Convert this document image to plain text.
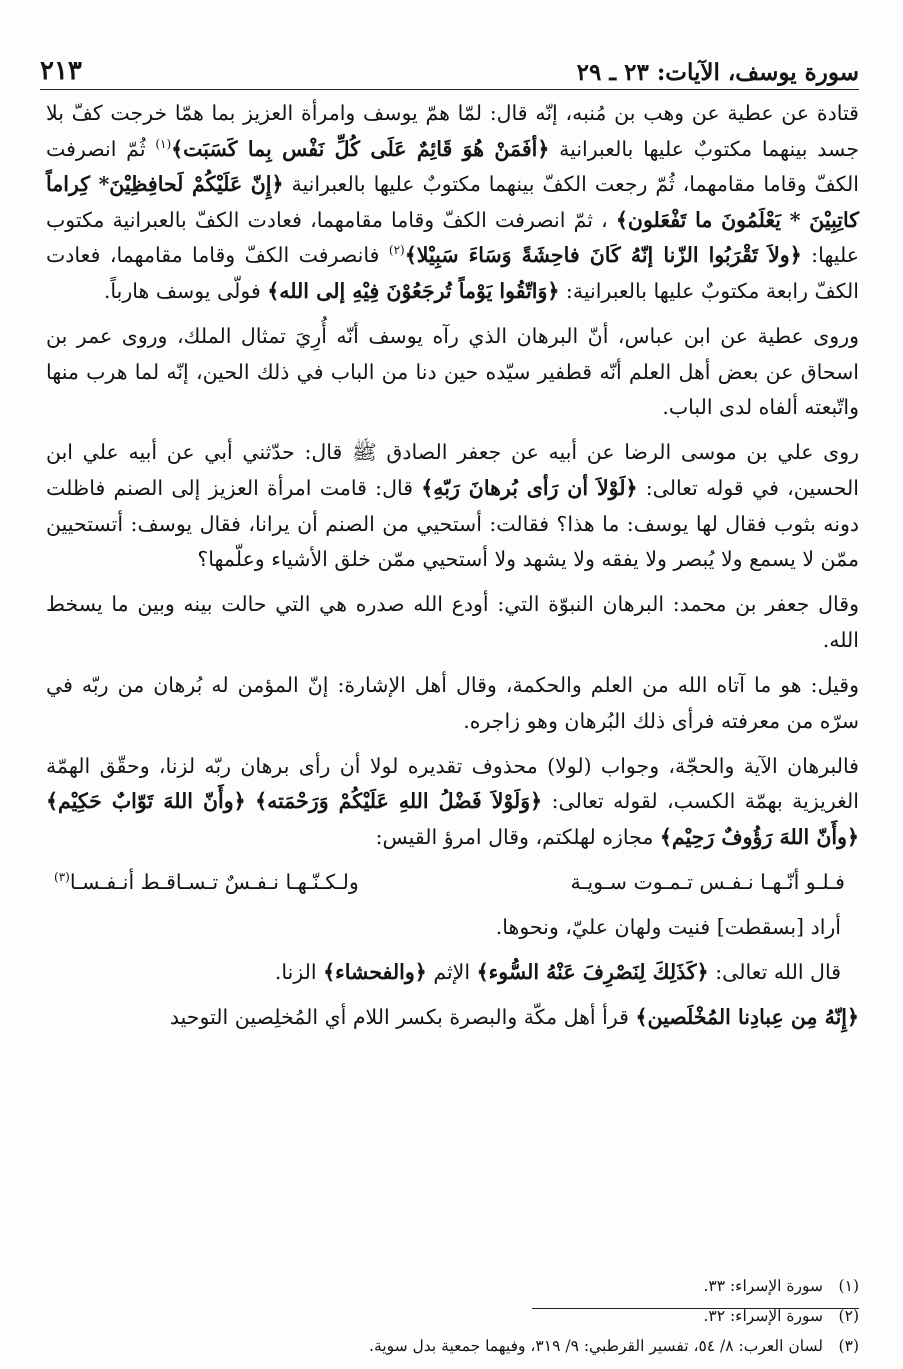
سورة يوسف، الآيات: ٢٣ ـ ٢٩
٢١٣

قتادة عن عطية عن وهب بن مُنبه، إنّه قال: لمّا همّ يوسف وامرأة العزيز بما همّا خرجت كفّ بلا جسد بينهما مكتوبٌ عليها بالعبرانية ﴿أفَمَنْ هُوَ قَائِمٌ عَلَى كُلِّ نَفْس بِما كَسَبَت﴾$^{(١)}$ ثُمّ انصرفت الكفّ وقاما مقامهما، ثُمّ رجعت الكفّ بينهما مكتوبٌ عليها بالعبرانية ﴿إِنّ عَلَيْكُمْ لَحافِظِيْنَ* كِراماً كاتِبِيْنَ * يَعْلَمُونَ ما تَفْعَلون﴾ ، ثمّ انصرفت الكفّ وقاما مقامهما، فعادت الكفّ بالعبرانية مكتوب عليها: ﴿ولاَ تَقْرَبُوا الزّنا إنّهُ كَانَ فاحِشَةً وَسَاءَ سَبِيْلا﴾$^{(٢)}$ فانصرفت الكفّ وقاما مقامهما، فعادت الكفّ رابعة مكتوبٌ عليها بالعبرانية: ﴿وَاتّقُوا يَوْماً تُرجَعُوْنَ فِيْهِ إلى الله﴾ فولّى يوسف هارباً.

وروى عطية عن ابن عباس، أنّ البرهان الذي رآه يوسف أنّه أُرِيَ تمثال الملك، وروى عمر بن اسحاق عن بعض أهل العلم أنّه قطفير سيّده حين دنا من الباب في ذلك الحين، إنّه لما هرب منها واتّبعته ألفاه لدى الباب.

روى علي بن موسى الرضا عن أبيه عن جعفر الصادق ﷺ قال: حدّثني أبي عن أبيه علي ابن الحسين، في قوله تعالى: ﴿لَوْلاَ أن رَأى بُرهانَ رَبّهِ﴾ قال: قامت امرأة العزيز إلى الصنم فاظلت دونه بثوب فقال لها يوسف: ما هذا؟ فقالت: أستحيي من الصنم أن يرانا، فقال يوسف: أتستحيين ممّن لا يسمع ولا يُبصر ولا يفقه ولا يشهد ولا أستحيي ممّن خلق الأشياء وعلّمها؟

وقال جعفر بن محمد: البرهان النبوّة التي: أودع الله صدره هي التي حالت بينه وبين ما يسخط الله.

وقيل: هو ما آتاه الله من العلم والحكمة، وقال أهل الإشارة: إنّ المؤمن له بُرهان من ربّه في سرّه من معرفته فرأى ذلك البُرهان وهو زاجره.

فالبرهان الآية والحجّة، وجواب (لولا) محذوف تقديره لولا أن رأى برهان ربّه لزنا، وحقّق الهمّة الغريزية بهمّة الكسب، لقوله تعالى: ﴿وَلَوْلاَ فَضْلُ اللهِ عَلَيْكُمْ وَرَحْمَته﴾ ﴿وأَنّ اللهَ تَوّابٌ حَكِيْم﴾ ﴿وأَنّ اللهَ رَؤُوفٌ رَحِيْم﴾ مجازه لهلكتم، وقال امرؤ القيس:

فـلـو أنّـهـا نـفـس تـمـوت سـويـة
ولـكـنّـهـا نـفـسٌ تـسـاقـط أنـفـسـا$^{(٣)}$

أراد [بسقطت] فنيت ولهان عليّ، ونحوها.

قال الله تعالى: ﴿كَذَلِكَ لِنَصْرِفَ عَنْهُ السُّوء﴾ الإثم ﴿والفحشاء﴾ الزنا.

﴿إِنّهُ مِن عِبادِنا المُخْلَصين﴾ قرأ أهل مكّة والبصرة بكسر اللام أي المُخلِصين التوحيد

(١)سورة الإسراء: ٣٣.
(٢)سورة الإسراء: ٣٢.
(٣)لسان العرب: ٨/ ٥٤، تفسير القرطبي: ٩/ ٣١٩، وفيهما جمعية بدل سوية.
